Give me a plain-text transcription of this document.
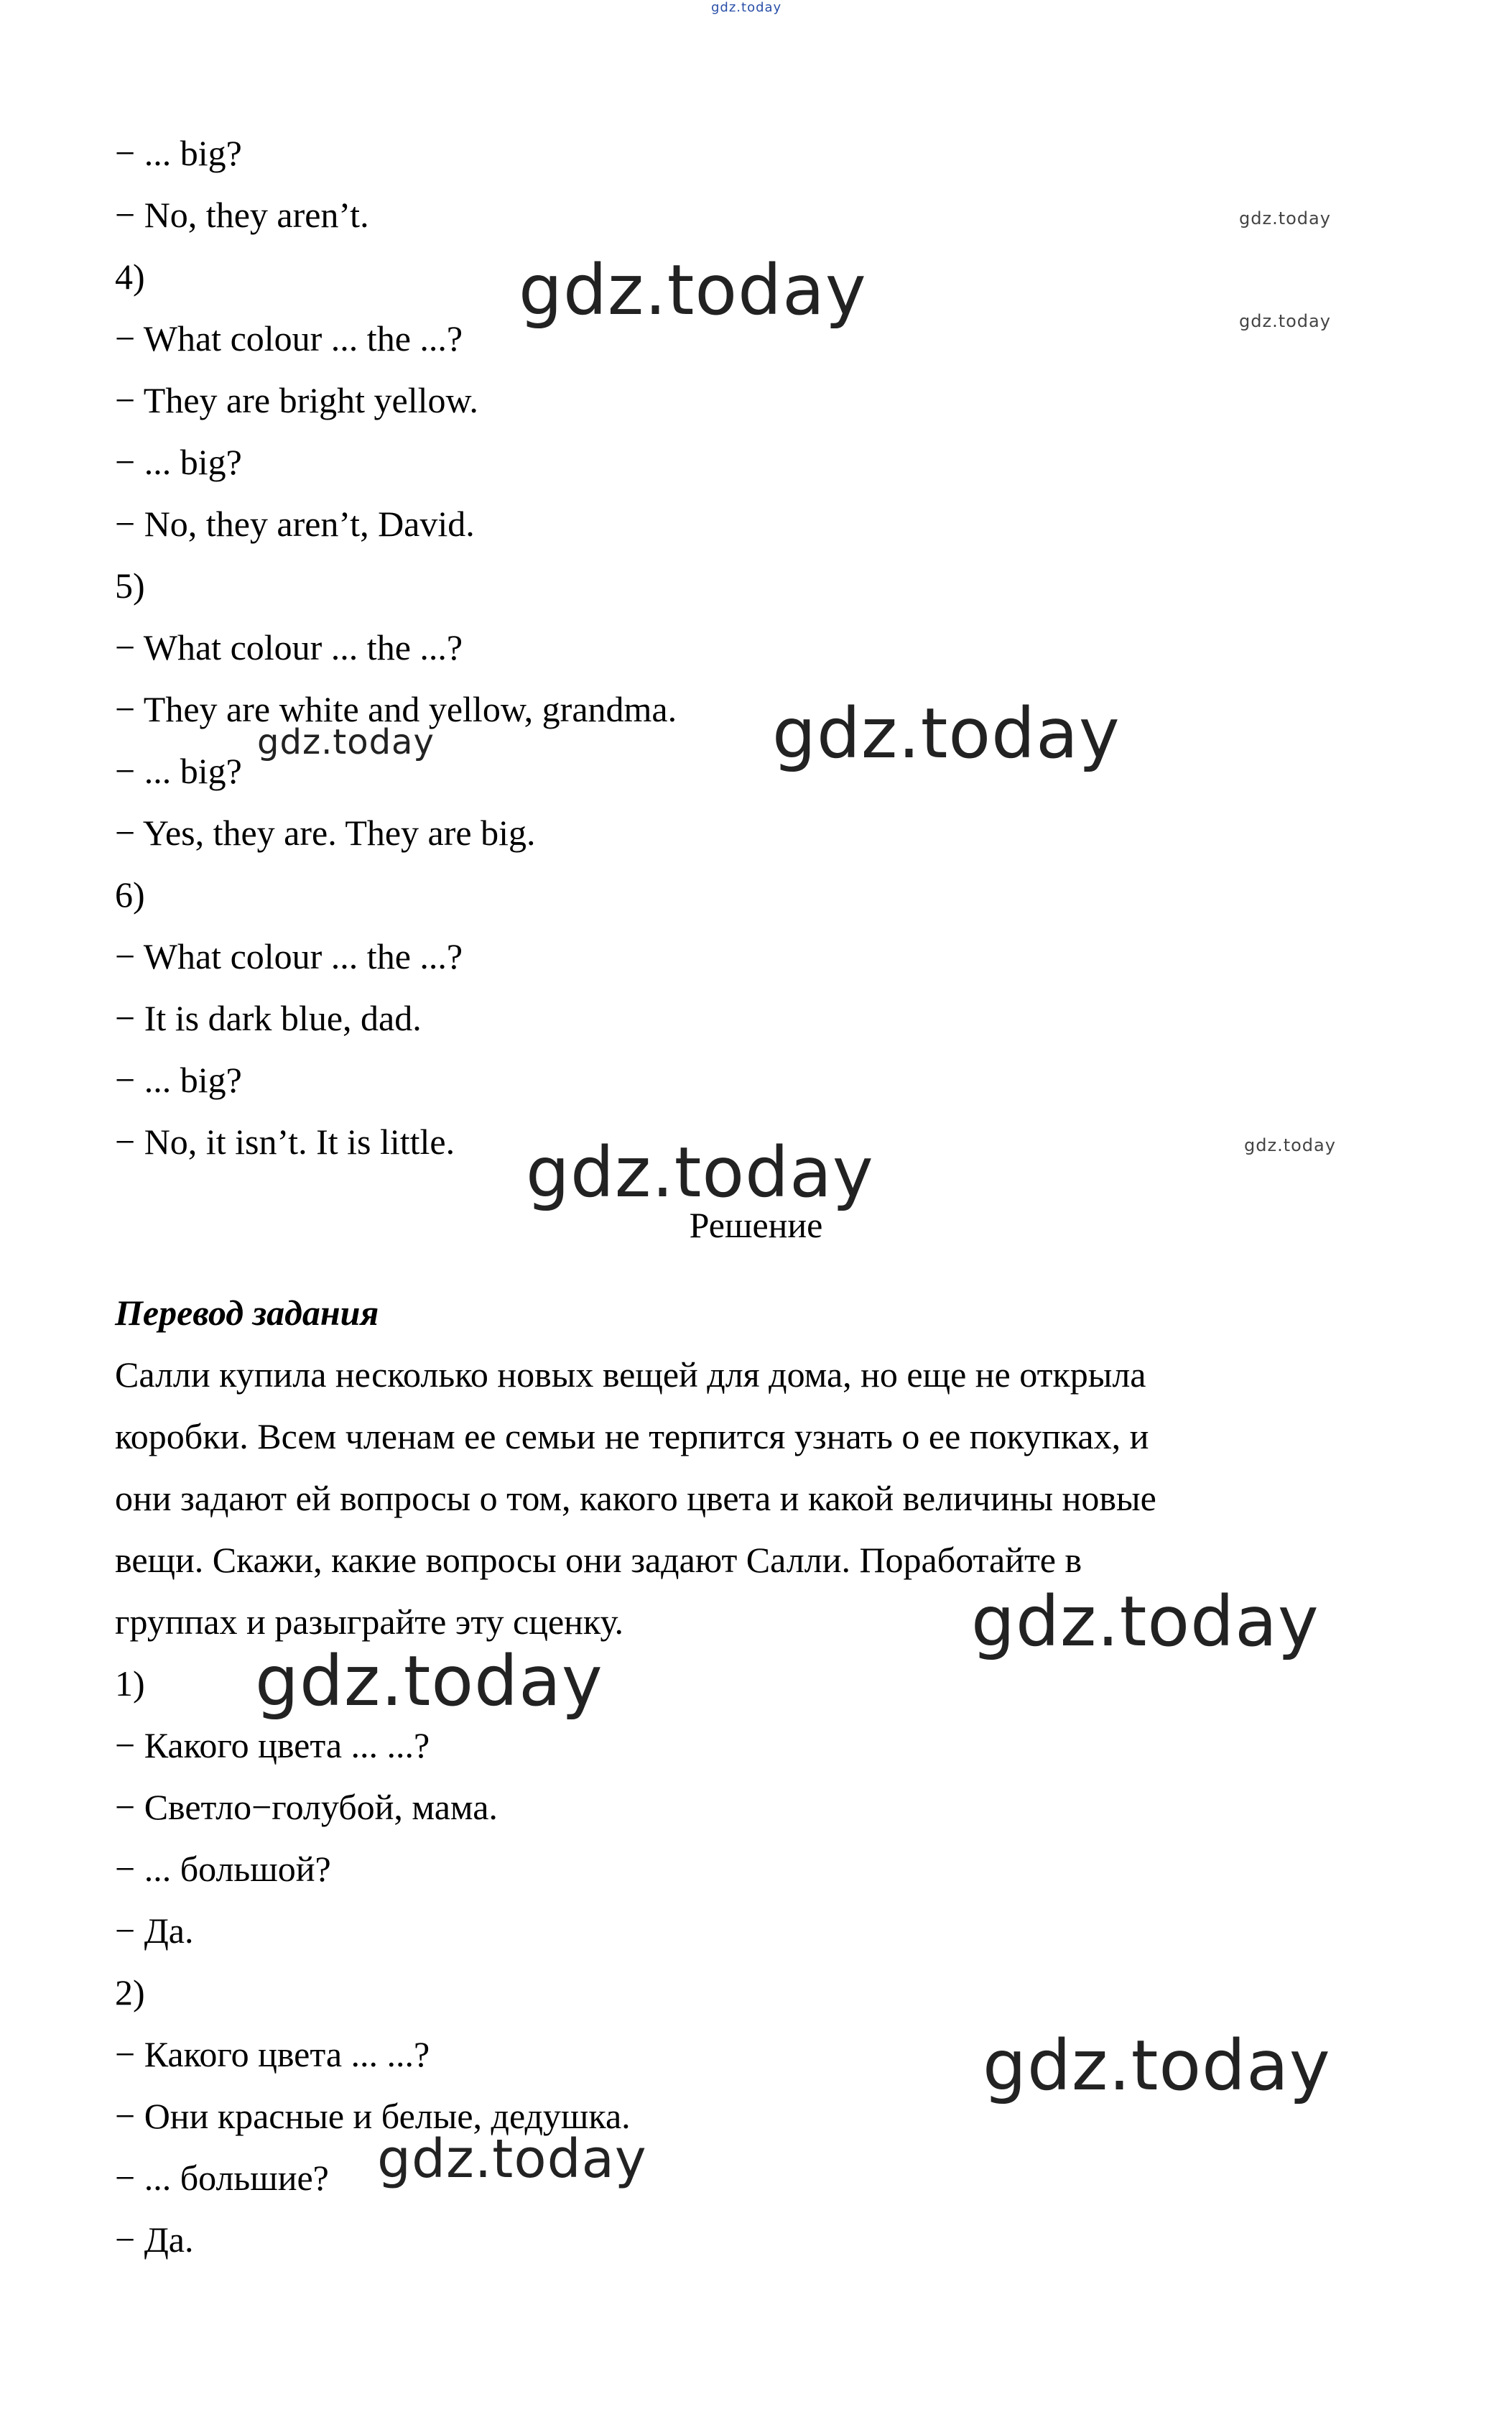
gdz.today
− ... big?
− No, they aren’t.
4)
− What colour ... the ...?
− They are bright yellow.
− ... big?
− No, they aren’t, David.
5)
− What colour ... the ...?
− They are white and yellow, grandma.
− ... big?
− Yes, they are. They are big.
6)
− What colour ... the ...?
− It is dark blue, dad.
− ... big?
− No, it isn’t. It is little.
Решение
Перевод задания
Салли купила несколько новых вещей для дома, но еще не открыла
коробки. Всем членам ее семьи не терпится узнать о ее покупках, и
они задают ей вопросы о том, какого цвета и какой величины новые
вещи. Скажи, какие вопросы они задают Салли. Поработайте в
группах и разыграйте эту сценку.
1)
− Какого цвета ... ...?
− Светло−голубой, мама.
− ... большой?
− Да.
2)
− Какого цвета ... ...?
− Они красные и белые, дедушка.
− ... большие?
− Да.
gdz.today
gdz.today
gdz.today
gdz.today
gdz.today
gdz.today	gdz.today
gdz.today
gdz.today
gdz.today
gdz.today
